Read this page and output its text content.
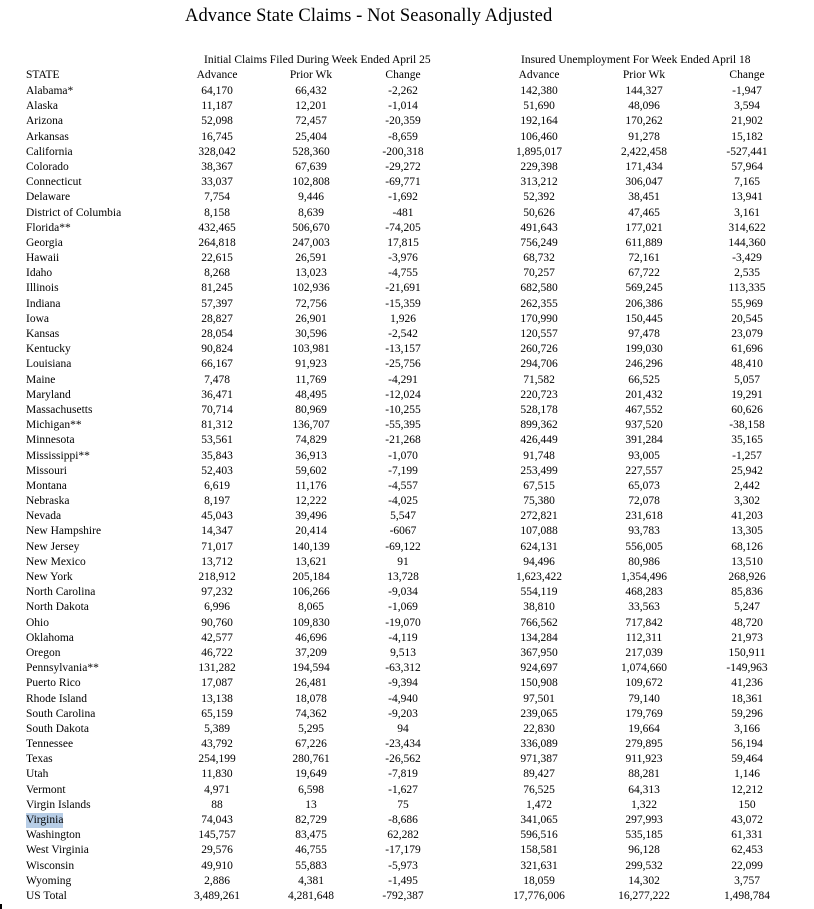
Advance State Claims - Not Seasonally Adjusted
Initial Claims Filed During Week Ended April 25	Insured Unemployment For Week Ended April 18
STATE	Advance	Prior Wk	Change	Advance	Prior Wk	Change
Alabama*	64,170	66,432	-2,262	142,380	144,327	-1,947
Alaska	11,187	12,201	-1,014	51,690	48,096	3,594
Arizona	52,098	72,457	-20,359	192,164	170,262	21,902
Arkansas	16,745	25,404	-8,659	106,460	91,278	15,182
California	328,042	528,360	-200,318	1,895,017	2,422,458	-527,441
Colorado	38,367	67,639	-29,272	229,398	171,434	57,964
Connecticut	33,037	102,808	-69,771	313,212	306,047	7,165
Delaware	7,754	9,446	-1,692	52,392	38,451	13,941
District of Columbia	8,158	8,639	-481	50,626	47,465	3,161
Florida**	432,465	506,670	-74,205	491,643	177,021	314,622
Georgia	264,818	247,003	17,815	756,249	611,889	144,360
Hawaii	22,615	26,591	-3,976	68,732	72,161	-3,429
Idaho	8,268	13,023	-4,755	70,257	67,722	2,535
Illinois	81,245	102,936	-21,691	682,580	569,245	113,335
Indiana	57,397	72,756	-15,359	262,355	206,386	55,969
Iowa	28,827	26,901	1,926	170,990	150,445	20,545
Kansas	28,054	30,596	-2,542	120,557	97,478	23,079
Kentucky	90,824	103,981	-13,157	260,726	199,030	61,696
Louisiana	66,167	91,923	-25,756	294,706	246,296	48,410
Maine	7,478	11,769	-4,291	71,582	66,525	5,057
Maryland	36,471	48,495	-12,024	220,723	201,432	19,291
Massachusetts	70,714	80,969	-10,255	528,178	467,552	60,626
Michigan**	81,312	136,707	-55,395	899,362	937,520	-38,158
Minnesota	53,561	74,829	-21,268	426,449	391,284	35,165
Mississippi**	35,843	36,913	-1,070	91,748	93,005	-1,257
Missouri	52,403	59,602	-7,199	253,499	227,557	25,942
Montana	6,619	11,176	-4,557	67,515	65,073	2,442
Nebraska	8,197	12,222	-4,025	75,380	72,078	3,302
Nevada	45,043	39,496	5,547	272,821	231,618	41,203
New Hampshire	14,347	20,414	-6067	107,088	93,783	13,305
New Jersey	71,017	140,139	-69,122	624,131	556,005	68,126
New Mexico	13,712	13,621	91	94,496	80,986	13,510
New York	218,912	205,184	13,728	1,623,422	1,354,496	268,926
North Carolina	97,232	106,266	-9,034	554,119	468,283	85,836
North Dakota	6,996	8,065	-1,069	38,810	33,563	5,247
Ohio	90,760	109,830	-19,070	766,562	717,842	48,720
Oklahoma	42,577	46,696	-4,119	134,284	112,311	21,973
Oregon	46,722	37,209	9,513	367,950	217,039	150,911
Pennsylvania**	131,282	194,594	-63,312	924,697	1,074,660	-149,963
Puerto Rico	17,087	26,481	-9,394	150,908	109,672	41,236
Rhode Island	13,138	18,078	-4,940	97,501	79,140	18,361
South Carolina	65,159	74,362	-9,203	239,065	179,769	59,296
South Dakota	5,389	5,295	94	22,830	19,664	3,166
Tennessee	43,792	67,226	-23,434	336,089	279,895	56,194
Texas	254,199	280,761	-26,562	971,387	911,923	59,464
Utah	11,830	19,649	-7,819	89,427	88,281	1,146
Vermont	4,971	6,598	-1,627	76,525	64,313	12,212
Virgin Islands	88	13	75	1,472	1,322	150
Virginia	74,043	82,729	-8,686	341,065	297,993	43,072
Washington	145,757	83,475	62,282	596,516	535,185	61,331
West Virginia	29,576	46,755	-17,179	158,581	96,128	62,453
Wisconsin	49,910	55,883	-5,973	321,631	299,532	22,099
Wyoming	2,886	4,381	-1,495	18,059	14,302	3,757
US Total	3,489,261	4,281,648	-792,387	17,776,006	16,277,222	1,498,784
